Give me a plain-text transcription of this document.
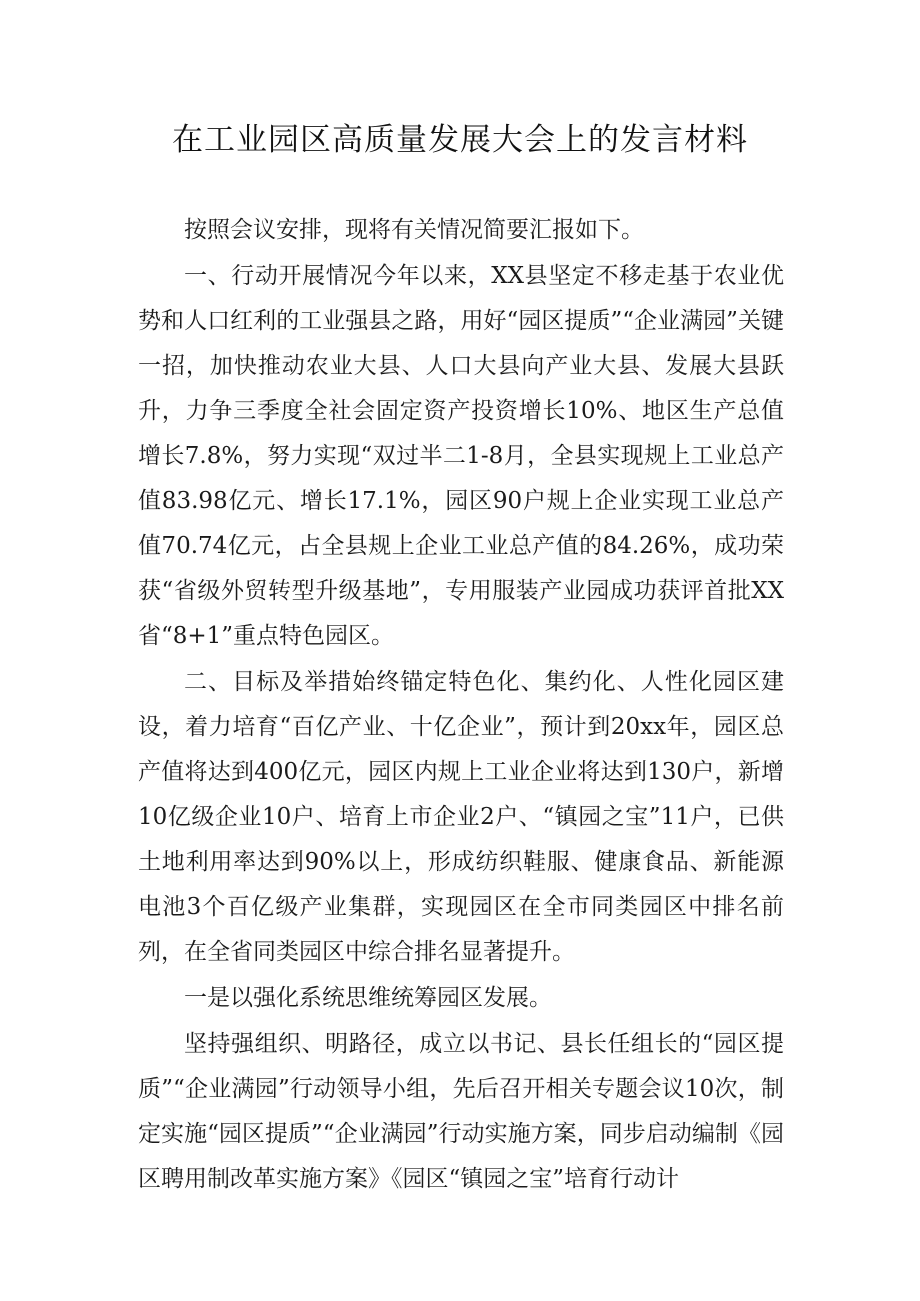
在工业园区高质量发展大会上的发言材料

按照会议安排，现将有关情况简要汇报如下。

一、行动开展情况今年以来，XX县坚定不移走基于农业优势和人口红利的工业强县之路，用好“园区提质”“企业满园”关键一招，加快推动农业大县、人口大县向产业大县、发展大县跃升，力争三季度全社会固定资产投资增长10%、地区生产总值增长7.8%，努力实现“双过半二1-8月，全县实现规上工业总产值83.98亿元、增长17.1%，园区90户规上企业实现工业总产值70.74亿元，占全县规上企业工业总产值的84.26%，成功荣获“省级外贸转型升级基地”，专用服装产业园成功获评首批XX省“8+1”重点特色园区。

二、目标及举措始终锚定特色化、集约化、人性化园区建设，着力培育“百亿产业、十亿企业”，预计到20xx年，园区总产值将达到400亿元，园区内规上工业企业将达到130户，新增10亿级企业10户、培育上市企业2户、“镇园之宝”11户，已供土地利用率达到90%以上，形成纺织鞋服、健康食品、新能源电池3个百亿级产业集群，实现园区在全市同类园区中排名前列，在全省同类园区中综合排名显著提升。

一是以强化系统思维统筹园区发展。

坚持强组织、明路径，成立以书记、县长任组长的“园区提质”“企业满园”行动领导小组，先后召开相关专题会议10次，制定实施“园区提质”“企业满园”行动实施方案，同步启动编制《园区聘用制改革实施方案》《园区“镇园之宝”培育行动计
